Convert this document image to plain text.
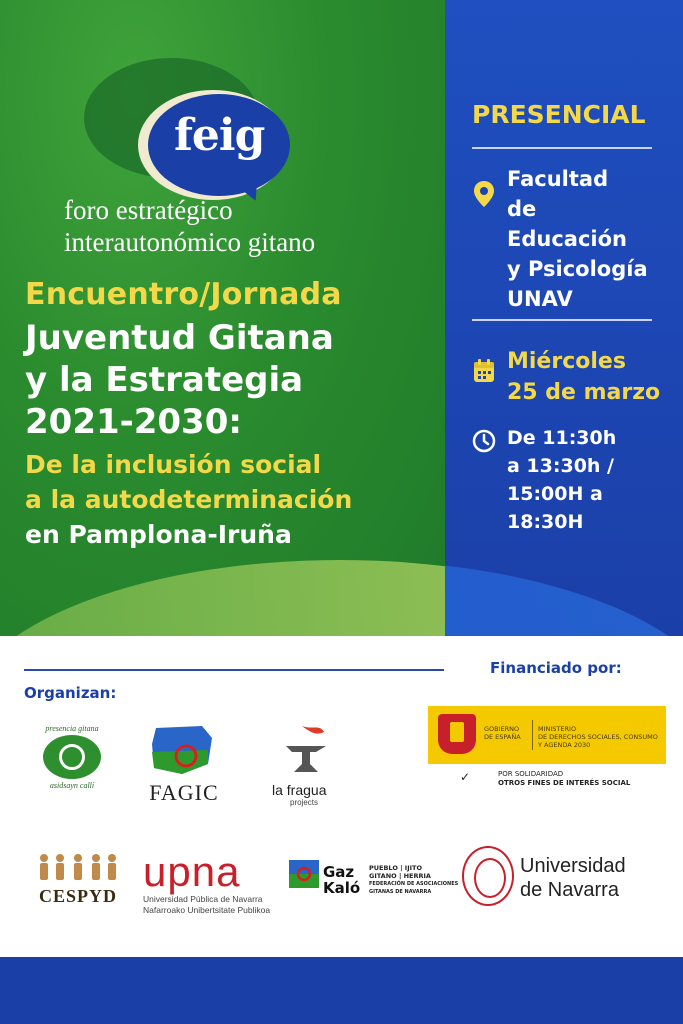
feig
foro estratégico
interautonómico gitano
Encuentro/Jornada
Juventud Gitana
y la Estrategia
2021-2030:
De la inclusión social
a la autodeterminación
en Pamplona-Iruña
PRESENCIAL
Facultad
de
Educación
y Psicología
UNAV
Miércoles
25 de marzo
De 11:30h
a 13:30h /
15:00H a
18:30H
Financiado por:
Organizan:
presencia gitana
asidsayn callí	FAGIC	la fragua
projects
GOBIERNO
DE ESPAÑA
MINISTERIO
DE DERECHOS SOCIALES, CONSUMO
Y AGENDA 2030
✓	POR SOLIDARIDAD
OTROS FINES DE INTERÉS SOCIAL
CESPYD
upna
Universidad Pública de Navarra
Nafarroako Unibertsitate Publikoa
Gaz
Kaló
PUEBLO | IJITO
GITANO | HERRIA
FEDERACIÓN DE ASOCIACIONES
GITANAS DE NAVARRA
Universidad
de Navarra
